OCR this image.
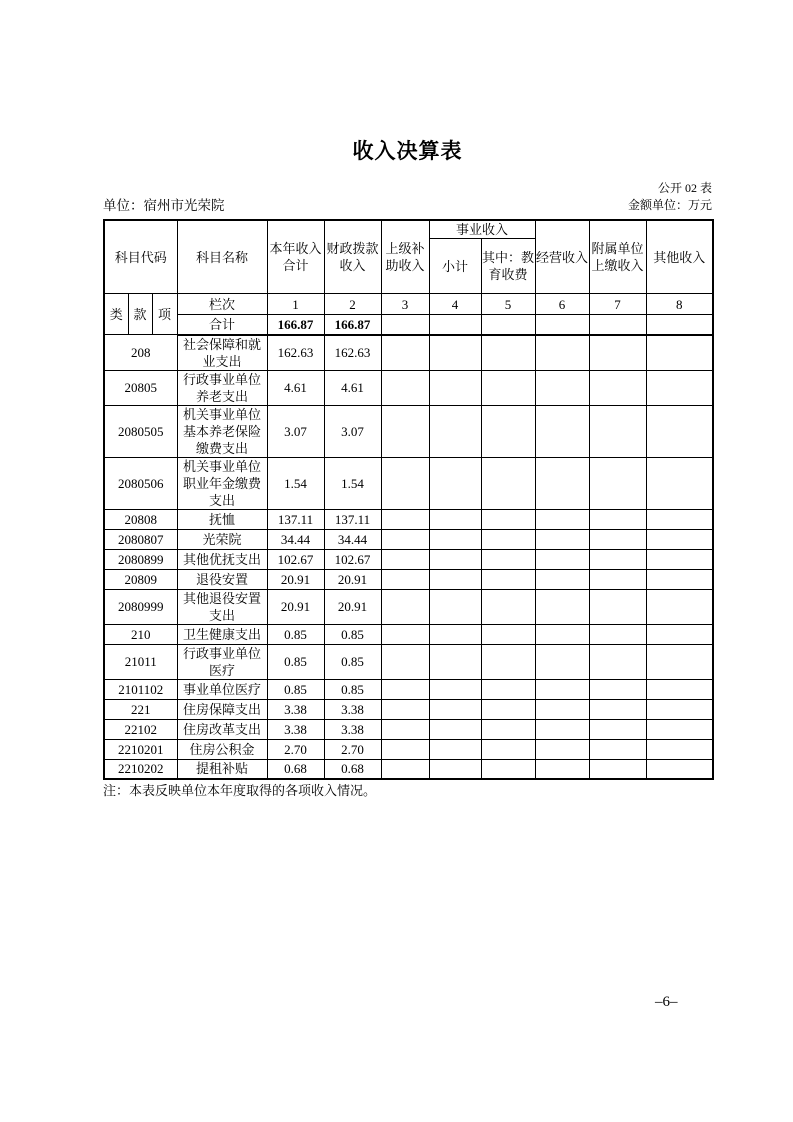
收入决算表
公开 02 表
单位：宿州市光荣院	金额单位：万元
科目代码			科目名称	本年收入合计	财政拨款收入	上级补助收入	事业收入		经营收入	附属单位上缴收入	其他收入
							小计	其中：教育收费			
类	款	项	栏次	1	2	3	4	5	6	7	8
			合计	166.87	166.87						
208			社会保障和就业支出	162.63	162.63						
20805			行政事业单位养老支出	4.61	4.61						
2080505			机关事业单位基本养老保险缴费支出	3.07	3.07						
2080506			机关事业单位职业年金缴费支出	1.54	1.54						
20808			抚恤	137.11	137.11						
2080807			光荣院	34.44	34.44						
2080899			其他优抚支出	102.67	102.67						
20809			退役安置	20.91	20.91						
2080999			其他退役安置支出	20.91	20.91						
210			卫生健康支出	0.85	0.85						
21011			行政事业单位医疗	0.85	0.85						
2101102			事业单位医疗	0.85	0.85						
221			住房保障支出	3.38	3.38						
22102			住房改革支出	3.38	3.38						
2210201			住房公积金	2.70	2.70						
2210202			提租补贴	0.68	0.68						
注：本表反映单位本年度取得的各项收入情况。
–6–
